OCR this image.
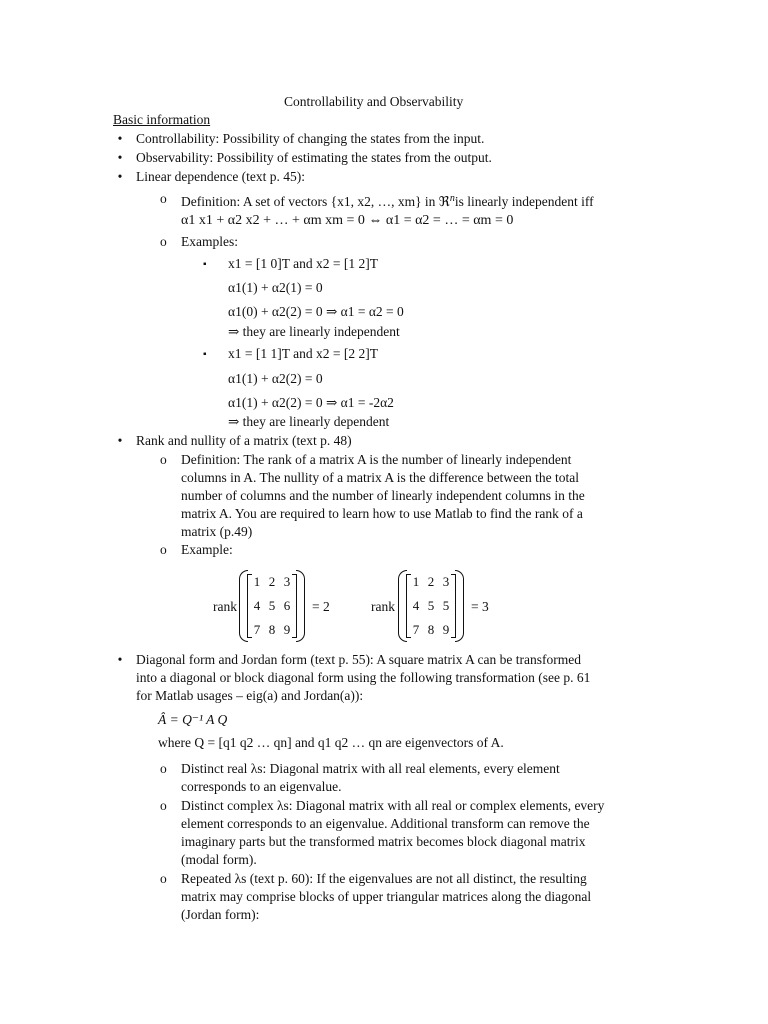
Controllability and Observability
Basic information
•	Controllability: Possibility of changing the states from the input.
•	Observability: Possibility of estimating the states from the output.
•	Linear dependence (text p. 45):
o Definition: A set of vectors {x1, x2, …, xm} in ℜ$^n$is linearly independent iff
α1 x1 + α2 x2 + … + αm xm = 0 ⇔ α1 = α2 = … = αm = 0
o Examples:
▪ x1 = [1 0]T and x2 = [1 2]T
α1(1) + α2(1) = 0
α1(0) + α2(2) = 0 ⇒ α1 = α2 = 0
⇒ they are linearly independent
▪ x1 = [1 1]T and x2 = [2 2]T
α1(1) + α2(2) = 0
α1(1) + α2(2) = 0 ⇒ α1 = -2α2
⇒ they are linearly dependent
•	Rank and nullity of a matrix (text p. 48)
o Definition: The rank of a matrix A is the number of linearly independent
columns in A. The nullity of a matrix A is the difference between the total
number of columns and the number of linearly independent columns in the
matrix A. You are required to learn how to use Matlab to find the rank of a
matrix (p.49)
o Example:
rank
1 2 3
4 5 6
7 8 9
= 2	rank
1 2 3
4 5 5
7 8 9
= 3
•	Diagonal form and Jordan form (text p. 55): A square matrix A can be transformed
into a diagonal or block diagonal form using the following transformation (see p. 61
for Matlab usages – eig(a) and Jordan(a)):
Â = Q⁻¹ A Q
where Q = [q1 q2 … qn] and q1 q2 … qn are eigenvectors of A.
o Distinct real λs: Diagonal matrix with all real elements, every element
corresponds to an eigenvalue.
o Distinct complex λs: Diagonal matrix with all real or complex elements, every
element corresponds to an eigenvalue. Additional transform can remove the
imaginary parts but the transformed matrix becomes block diagonal matrix
(modal form).
o Repeated λs (text p. 60): If the eigenvalues are not all distinct, the resulting
matrix may comprise blocks of upper triangular matrices along the diagonal
(Jordan form):
